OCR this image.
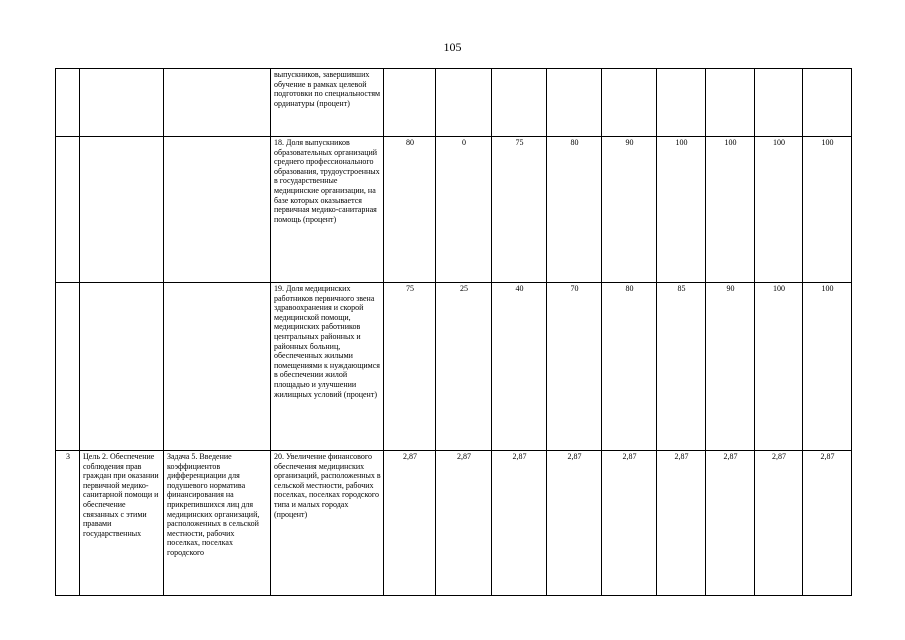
105
			выпускников, завершивших обучение в рамках целевой подготовки по специальностям ординатуры (процент)									
			18. Доля выпускников образовательных организаций среднего профессионального образования, трудоустроенных в государственные медицинские организации, на базе которых оказывается первичная медико-санитарная помощь (процент)	80	0	75	80	90	100	100	100	100
			19. Доля медицинских работников первичного звена здравоохранения и скорой медицинской помощи, медицинских работников центральных районных и районных больниц, обеспеченных жилыми помещениями к нуждающимся в обеспечении жилой площадью и улучшении жилищных условий (процент)	75	25	40	70	80	85	90	100	100
3	Цель 2. Обеспечение соблюдения прав граждан при оказании первичной медико-санитарной помощи и обеспечение связанных с этими правами государственных	Задача 5. Введение коэффициентов дифференциации для подушевого норматива финансирования на прикрепившихся лиц для медицинских организаций, расположенных в сельской местности, рабочих поселках, поселках городского	20. Увеличение финансового обеспечения медицинских организаций, расположенных в сельской местности, рабочих поселках, поселках городского типа и малых городах (процент)	2,87	2,87	2,87	2,87	2,87	2,87	2,87	2,87	2,87
